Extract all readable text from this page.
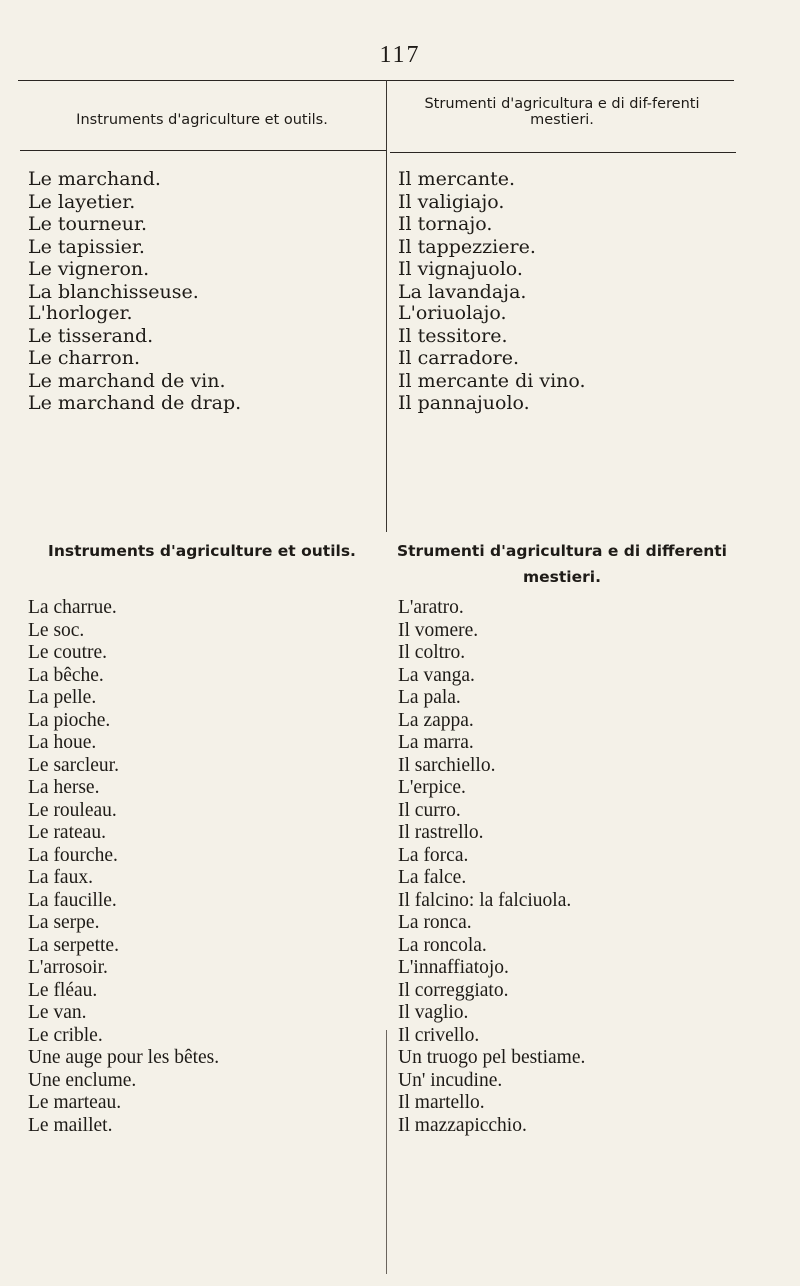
117
Instruments d'agriculture et outils.
Strumenti d'agricultura e di dif-ferenti mestieri.
Le marchand.
Le layetier.
Le tourneur.
Le tapissier.
Le vigneron.
La blanchisseuse.
Il mercante.
Il valigiajo.
Il tornajo.
Il tappezziere.
Il vignajuolo.
La lavandaja.
L'horloger.
Le tisserand.
Le charron.
Le marchand de vin.
Le marchand de drap.
L'oriuolajo.
Il tessitore.
Il carradore.
Il mercante di vino.
Il pannajuolo.
Instruments d'agriculture et outils.	Strumenti d'agricultura e di differenti mestieri.
La charrue.
Le soc.
Le coutre.
La bêche.
La pelle.
La pioche.
La houe.
Le sarcleur.
La herse.
Le rouleau.
Le rateau.
La fourche.
La faux.
La faucille.
La serpe.
La serpette.
L'arrosoir.
Le fléau.
Le van.
Le crible.
Une auge pour les bêtes.
Une enclume.
Le marteau.
Le maillet.
L'aratro.
Il vomere.
Il coltro.
La vanga.
La pala.
La zappa.
La marra.
Il sarchiello.
L'erpice.
Il curro.
Il rastrello.
La forca.
La falce.
Il falcino: la falciuola.
La ronca.
La roncola.
L'innaffiatojo.
Il correggiato.
Il vaglio.
Il crivello.
Un truogo pel bestiame.
Un' incudine.
Il martello.
Il mazzapicchio.
